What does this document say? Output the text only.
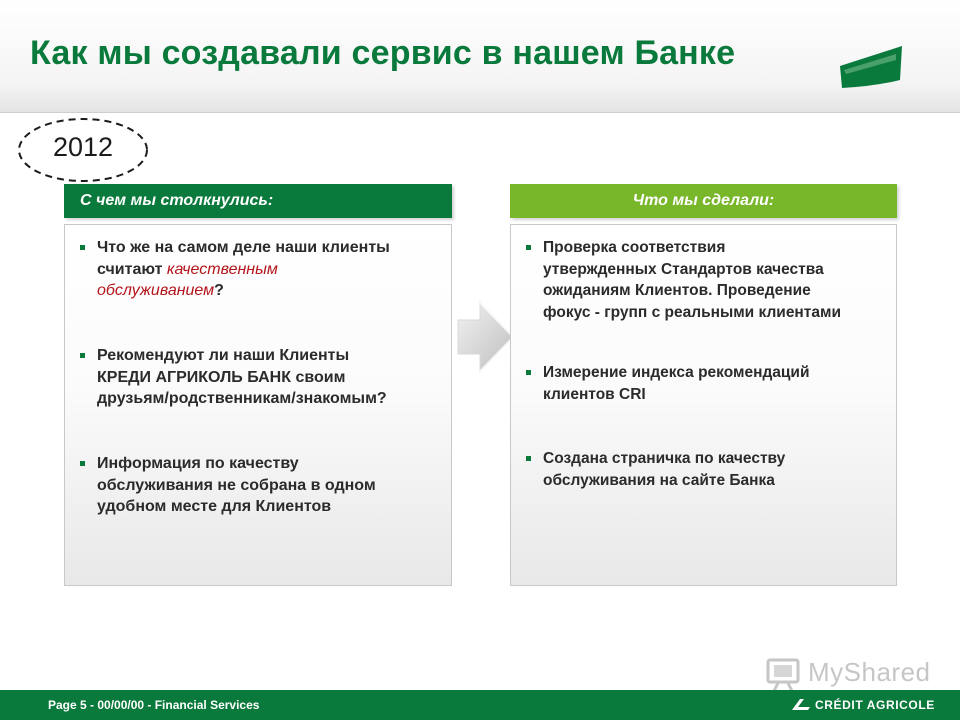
Как мы создавали сервис в нашем Банке
2012
С чем мы столкнулись:	Что мы сделали:
Что же на самом деле наши клиенты
считают качественным
обслуживанием?
Рекомендуют ли наши Клиенты
КРЕДИ АГРИКОЛЬ БАНК своим
друзьям/родственникам/знакомым?
Информация по качеству
обслуживания не собрана в одном
удобном месте для Клиентов
Проверка соответствия
утвержденных Стандартов качества
ожиданиям Клиентов. Проведение
фокус - групп с реальными клиентами
Измерение индекса рекомендаций
клиентов CRI
Создана страничка по качеству
обслуживания на сайте Банка
MyShared
Page 5 - 00/00/00 - Financial Services	CRÉDIT AGRICOLE
